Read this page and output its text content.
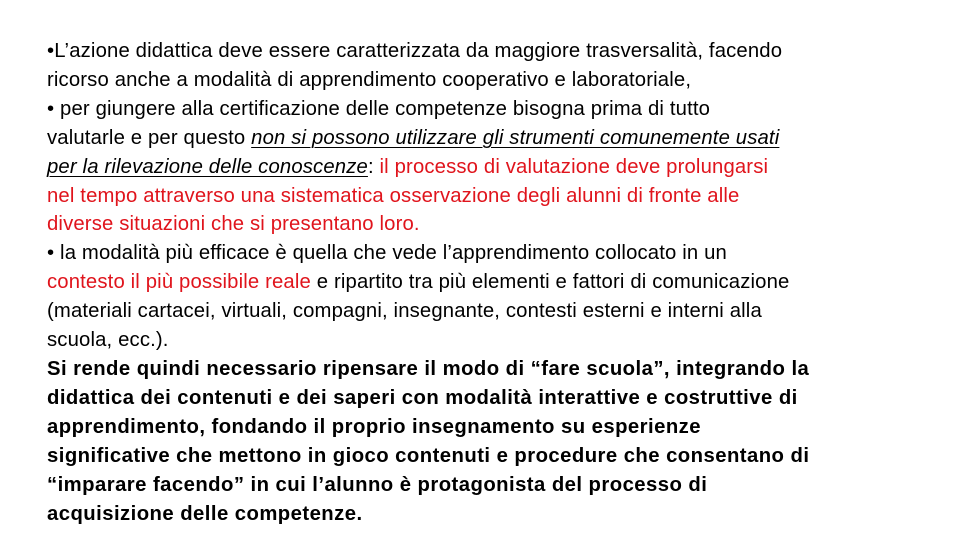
•L’azione didattica deve essere caratterizzata da maggiore trasversalità, facendo
ricorso anche a modalità di apprendimento cooperativo e laboratoriale,
• per giungere alla certificazione delle competenze bisogna prima di tutto
valutarle e per questo non si possono utilizzare gli strumenti comunemente usati
per la rilevazione delle conoscenze: il processo di valutazione deve prolungarsi
nel tempo attraverso una sistematica osservazione degli alunni di fronte alle
diverse situazioni che si presentano loro.
• la modalità più efficace è quella che vede l’apprendimento collocato in un
contesto il più possibile reale e ripartito tra più elementi e fattori di comunicazione
(materiali cartacei, virtuali, compagni, insegnante, contesti esterni e interni alla
scuola, ecc.).
Si rende quindi necessario ripensare il modo di “fare scuola”, integrando la
didattica dei contenuti e dei saperi con modalità interattive e costruttive di
apprendimento, fondando il proprio insegnamento su esperienze
significative che mettono in gioco contenuti e procedure che consentano di
“imparare facendo” in cui l’alunno è protagonista del processo di
acquisizione delle competenze.
